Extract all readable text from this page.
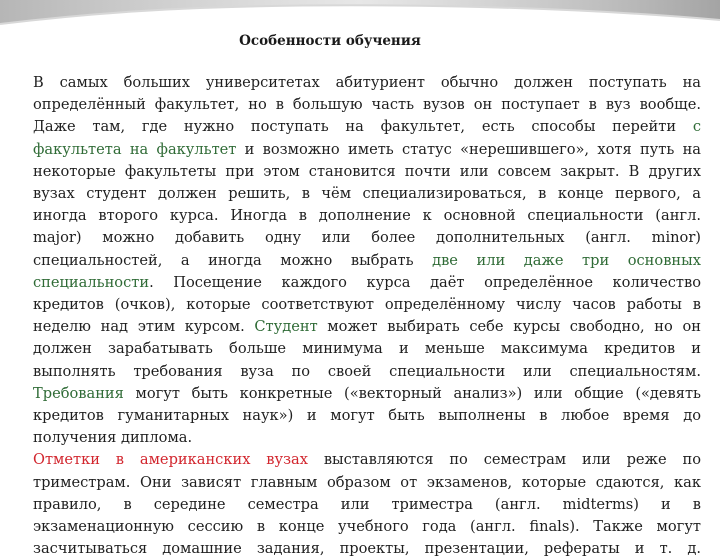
Особенности обучения
В самых больших университетах абитуриент обычно должен поступать на
определённый факультет, но в большую часть вузов он поступает в вуз вообще.
Даже там, где нужно поступать на факультет, есть способы перейти с
факультета на факультет и возможно иметь статус «нерешившего», хотя путь на
некоторые факультеты при этом становится почти или совсем закрыт. В других
вузах студент должен решить, в чём специализироваться, в конце первого, а
иногда второго курса. Иногда в дополнение к основной специальности (англ.
major) можно добавить одну или более дополнительных (англ. minor)
специальностей, а иногда можно выбрать две или даже три основных
специальности. Посещение каждого курса даёт определённое количество
кредитов (очков), которые соответствуют определённому числу часов работы в
неделю над этим курсом. Студент может выбирать себе курсы свободно, но он
должен зарабатывать больше минимума и меньше максимума кредитов и
выполнять требования вуза по своей специальности или специальностям.
Требования могут быть конкретные («векторный анализ») или общие («девять
кредитов гуманитарных наук») и могут быть выполнены в любое время до
получения диплома.
Отметки в американских вузах выставляются по семестрам или реже по
триместрам. Они зависят главным образом от экзаменов, которые сдаются, как
правило, в середине семестра или триместра (англ. midterms) и в
экзаменационную сессию в конце учебного года (англ. finals). Также могут
засчитываться домашние задания, проекты, презентации, рефераты и т. д.
